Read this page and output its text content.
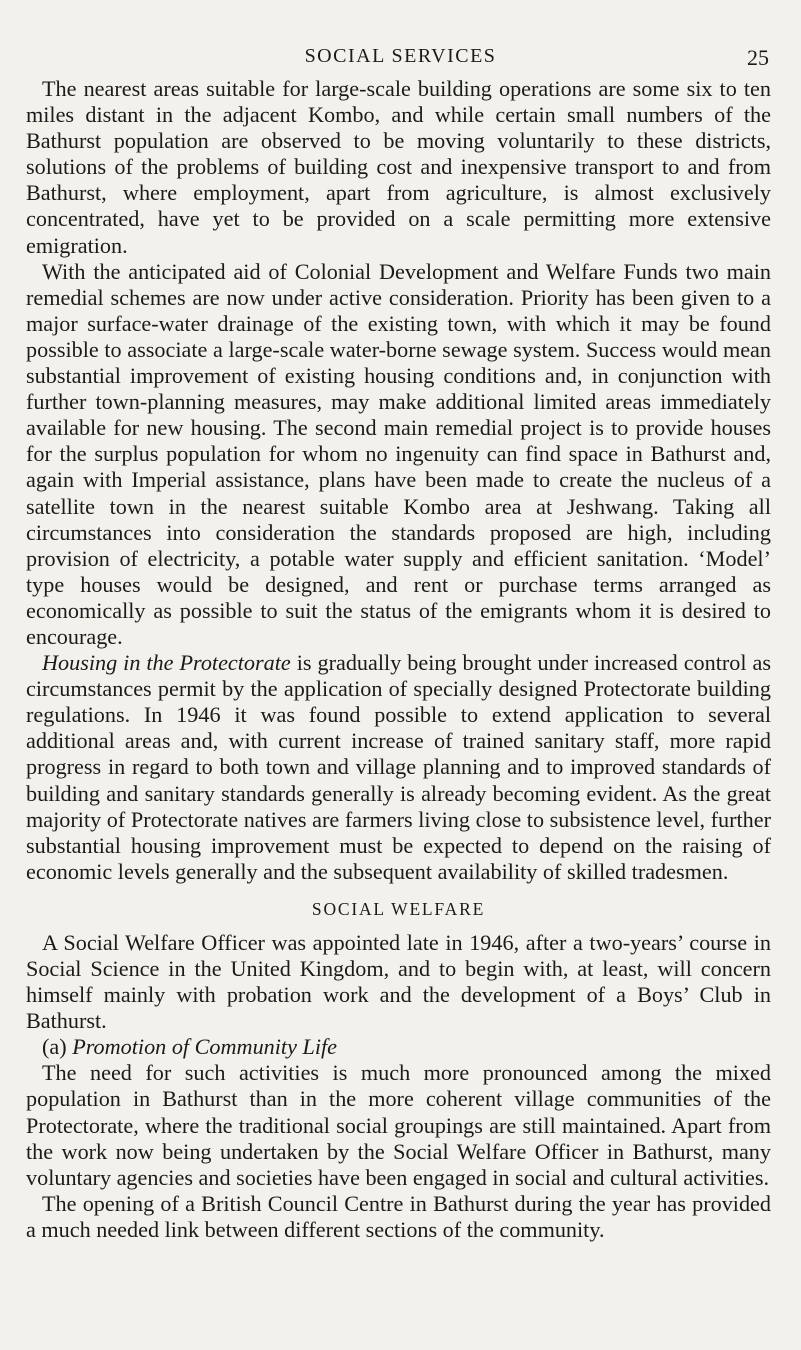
SOCIAL SERVICES	25

The nearest areas suitable for large-scale building operations are some six to ten miles distant in the adjacent Kombo, and while certain small numbers of the Bathurst population are observed to be moving voluntarily to these districts, solutions of the problems of building cost and inexpensive transport to and from Bathurst, where employment, apart from agriculture, is almost exclusively concentrated, have yet to be provided on a scale permitting more extensive emigration.

With the anticipated aid of Colonial Development and Welfare Funds two main remedial schemes are now under active consideration. Priority has been given to a major surface-water drainage of the existing town, with which it may be found possible to associate a large-scale water-borne sewage system. Success would mean substantial improvement of existing housing conditions and, in conjunction with further town-planning measures, may make additional limited areas immediately available for new housing. The second main remedial project is to provide houses for the surplus population for whom no ingenuity can find space in Bathurst and, again with Imperial assistance, plans have been made to create the nucleus of a satellite town in the nearest suitable Kombo area at Jeshwang. Taking all circumstances into consideration the standards proposed are high, including provision of electricity, a potable water supply and efficient sanitation. ‘Model’ type houses would be designed, and rent or purchase terms arranged as economically as possible to suit the status of the emigrants whom it is desired to encourage.

Housing in the Protectorate is gradually being brought under increased control as circumstances permit by the application of specially designed Protectorate building regulations. In 1946 it was found possible to extend application to several additional areas and, with current increase of trained sanitary staff, more rapid progress in regard to both town and village planning and to improved standards of building and sanitary standards generally is already becoming evident. As the great majority of Protectorate natives are farmers living close to subsistence level, further substantial housing improvement must be expected to depend on the raising of economic levels generally and the subsequent availability of skilled tradesmen.

SOCIAL WELFARE

A Social Welfare Officer was appointed late in 1946, after a two-years’ course in Social Science in the United Kingdom, and to begin with, at least, will concern himself mainly with probation work and the development of a Boys’ Club in Bathurst.

(a) Promotion of Community Life

The need for such activities is much more pronounced among the mixed population in Bathurst than in the more coherent village communities of the Protectorate, where the traditional social groupings are still maintained. Apart from the work now being undertaken by the Social Welfare Officer in Bathurst, many voluntary agencies and societies have been engaged in social and cultural activities.

The opening of a British Council Centre in Bathurst during the year has provided a much needed link between different sections of the community.
